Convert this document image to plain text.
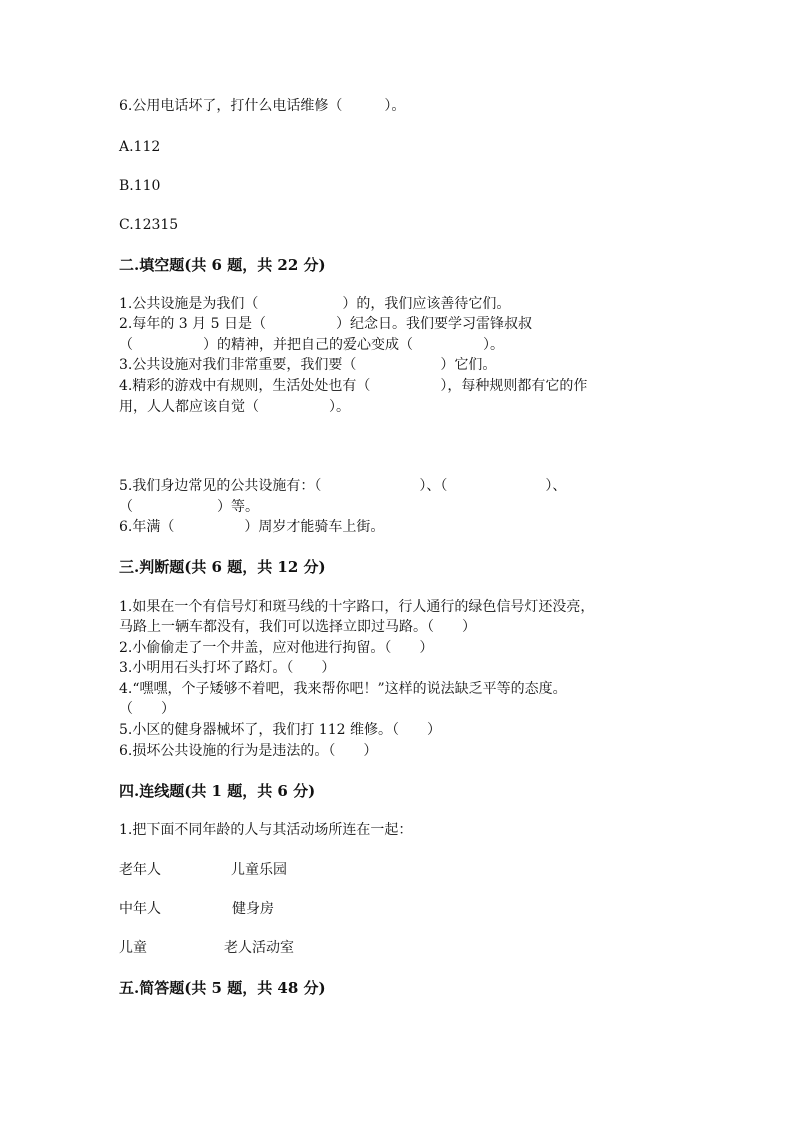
6.公用电话坏了，打什么电话维修（　　　）。
A.112
B.110
C.12315
二.填空题(共 6 题，共 22 分)
1.公共设施是为我们（　　　　　　）的，我们应该善待它们。
2.每年的 3 月 5 日是（　　　　　）纪念日。我们要学习雷锋叔叔
（　　　　　）的精神，并把自己的爱心变成（　　　　　）。
3.公共设施对我们非常重要，我们要（　　　　　　）它们。
4.精彩的游戏中有规则，生活处处也有（　　　　　），每种规则都有它的作
用，人人都应该自觉（　　　　　）。
5.我们身边常见的公共设施有：（　　　　　　　）、（　　　　　　　）、
（　　　　　　）等。
6.年满（　　　　　）周岁才能骑车上街。
三.判断题(共 6 题，共 12 分)
1.如果在一个有信号灯和斑马线的十字路口，行人通行的绿色信号灯还没亮，
马路上一辆车都没有，我们可以选择立即过马路。（　　）
2.小偷偷走了一个井盖，应对他进行拘留。（　　）
3.小明用石头打坏了路灯。（　　）
4.“嘿嘿，个子矮够不着吧，我来帮你吧！”这样的说法缺乏平等的态度。
（　　）
5.小区的健身器械坏了，我们打 112 维修。（　　）
6.损坏公共设施的行为是违法的。（　　）
四.连线题(共 1 题，共 6 分)
1.把下面不同年龄的人与其活动场所连在一起：
老年人	儿童乐园
中年人	健身房
儿童	老人活动室
五.简答题(共 5 题，共 48 分)
